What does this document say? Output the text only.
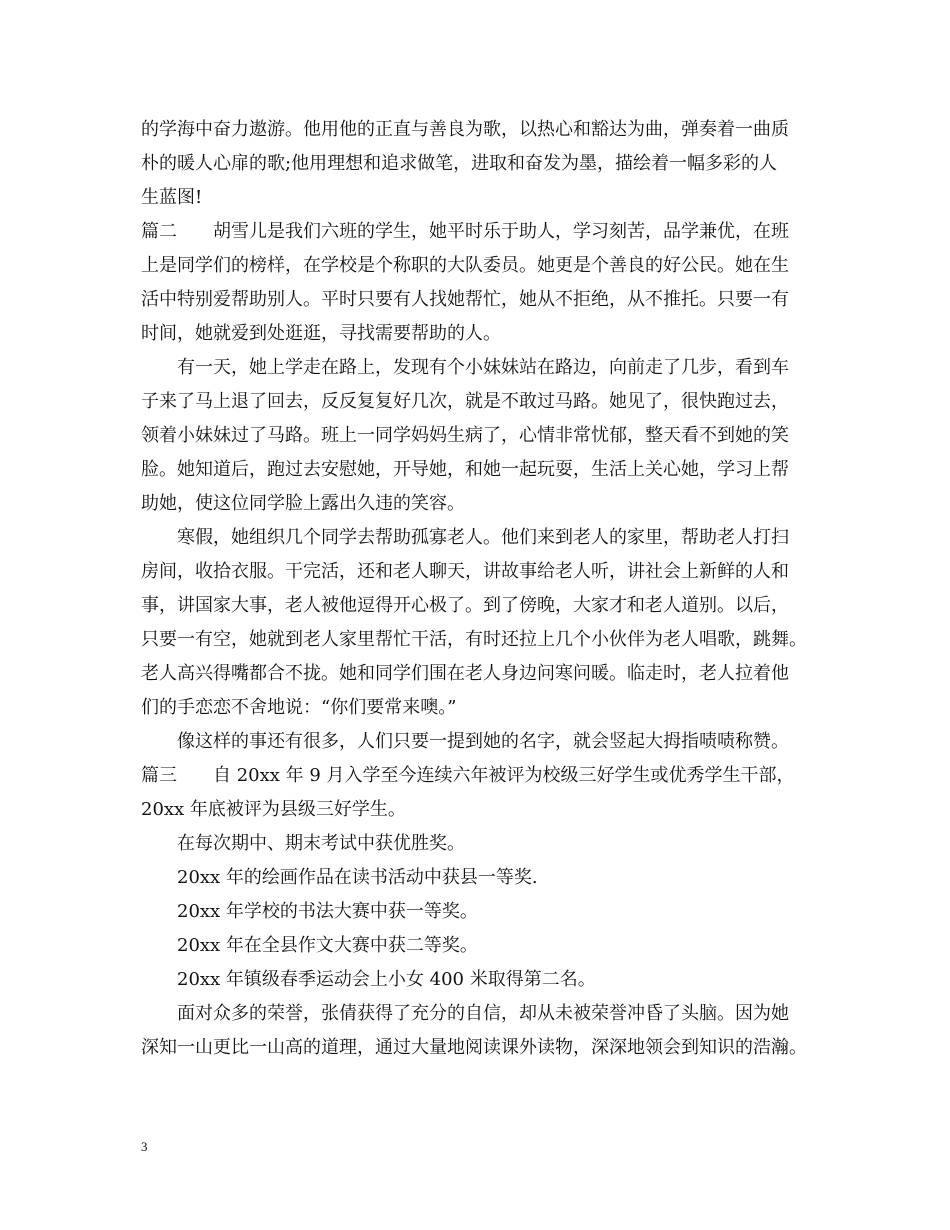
的学海中奋力遨游。他用他的正直与善良为歌，以热心和豁达为曲，弹奏着一曲质
朴的暖人心扉的歌;他用理想和追求做笔，进取和奋发为墨，描绘着一幅多彩的人
生蓝图!
篇二　　胡雪儿是我们六班的学生，她平时乐于助人，学习刻苦，品学兼优，在班
上是同学们的榜样，在学校是个称职的大队委员。她更是个善良的好公民。她在生
活中特别爱帮助别人。平时只要有人找她帮忙，她从不拒绝，从不推托。只要一有
时间，她就爱到处逛逛，寻找需要帮助的人。
　　有一天，她上学走在路上，发现有个小妹妹站在路边，向前走了几步，看到车
子来了马上退了回去，反反复复好几次，就是不敢过马路。她见了，很快跑过去，
领着小妹妹过了马路。班上一同学妈妈生病了，心情非常忧郁，整天看不到她的笑
脸。她知道后，跑过去安慰她，开导她，和她一起玩耍，生活上关心她，学习上帮
助她，使这位同学脸上露出久违的笑容。
　　寒假，她组织几个同学去帮助孤寡老人。他们来到老人的家里，帮助老人打扫
房间，收拾衣服。干完活，还和老人聊天，讲故事给老人听，讲社会上新鲜的人和
事，讲国家大事，老人被他逗得开心极了。到了傍晚，大家才和老人道别。以后，
只要一有空，她就到老人家里帮忙干活，有时还拉上几个小伙伴为老人唱歌，跳舞。
老人高兴得嘴都合不拢。她和同学们围在老人身边问寒问暖。临走时，老人拉着他
们的手恋恋不舍地说：“你们要常来噢。”
　　像这样的事还有很多，人们只要一提到她的名字，就会竖起大拇指啧啧称赞。
篇三　　自 20xx 年 9 月入学至今连续六年被评为校级三好学生或优秀学生干部，
20xx 年底被评为县级三好学生。
　　在每次期中、期末考试中获优胜奖。
　　20xx 年的绘画作品在读书活动中获县一等奖.
　　20xx 年学校的书法大赛中获一等奖。
　　20xx 年在全县作文大赛中获二等奖。
　　20xx 年镇级春季运动会上小女 400 米取得第二名。
　　面对众多的荣誉，张倩获得了充分的自信，却从未被荣誉冲昏了头脑。因为她
深知一山更比一山高的道理，通过大量地阅读课外读物，深深地领会到知识的浩瀚。
3
